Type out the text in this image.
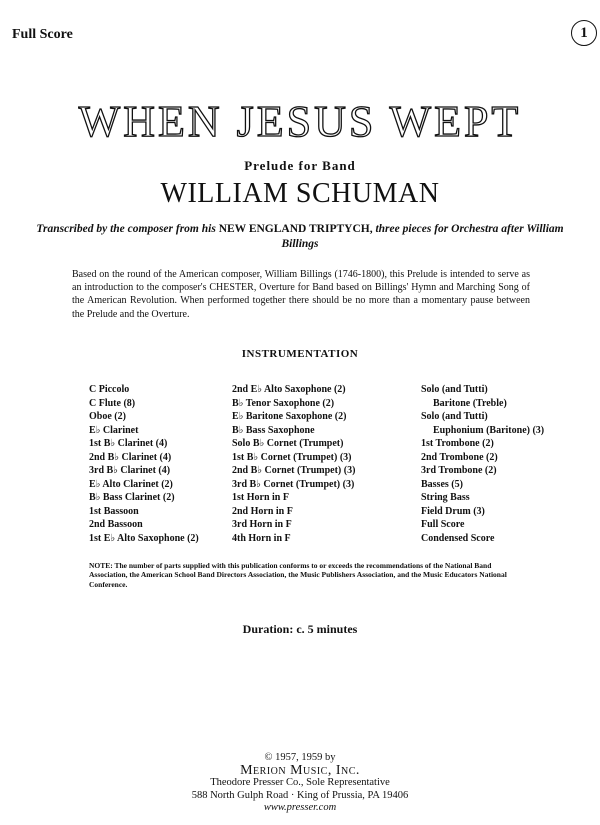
Full Score	1
WHEN JESUS WEPT
Prelude for Band
WILLIAM SCHUMAN
Transcribed by the composer from his NEW ENGLAND TRIPTYCH, three pieces for Orchestra after William Billings
Based on the round of the American composer, William Billings (1746-1800), this Prelude is intended to serve as an introduction to the composer's CHESTER, Overture for Band based on Billings' Hymn and Marching Song of the American Revolution. When performed together there should be no more than a momentary pause between the Prelude and the Overture.
INSTRUMENTATION
C Piccolo
C Flute (8)
Oboe (2)
E♭ Clarinet
1st B♭ Clarinet (4)
2nd B♭ Clarinet (4)
3rd B♭ Clarinet (4)
E♭ Alto Clarinet (2)
B♭ Bass Clarinet (2)
1st Bassoon
2nd Bassoon
1st E♭ Alto Saxophone (2)
2nd E♭ Alto Saxophone (2)
B♭ Tenor Saxophone (2)
E♭ Baritone Saxophone (2)
B♭ Bass Saxophone
Solo B♭ Cornet (Trumpet)
1st B♭ Cornet (Trumpet) (3)
2nd B♭ Cornet (Trumpet) (3)
3rd B♭ Cornet (Trumpet) (3)
1st Horn in F
2nd Horn in F
3rd Horn in F
4th Horn in F
Solo (and Tutti)
Baritone (Treble)
Solo (and Tutti)
Euphonium (Baritone) (3)
1st Trombone (2)
2nd Trombone (2)
3rd Trombone (2)
Basses (5)
String Bass
Field Drum (3)
Full Score
Condensed Score
NOTE: The number of parts supplied with this publication conforms to or exceeds the recommendations of the National Band Association, the American School Band Directors Association, the Music Publishers Association, and the Music Educators National Conference.
Duration: c. 5 minutes
© 1957, 1959 by
Merion Music, Inc.
Theodore Presser Co., Sole Representative
588 North Gulph Road · King of Prussia, PA 19406
www.presser.com
